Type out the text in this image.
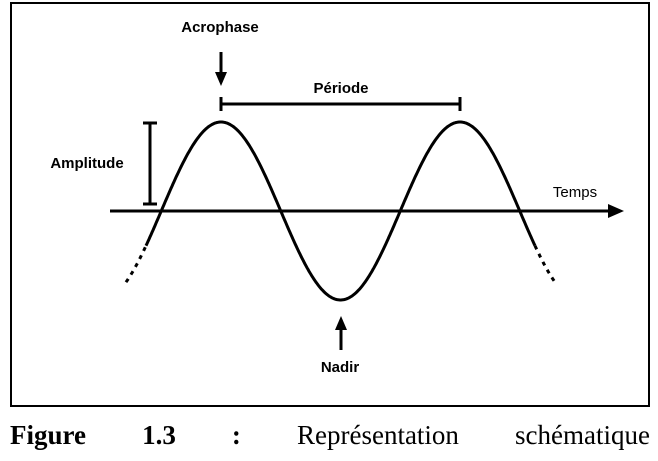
Acrophase
Période
Amplitude
Temps
Nadir
Figure 1.3 : Représentation schématique
